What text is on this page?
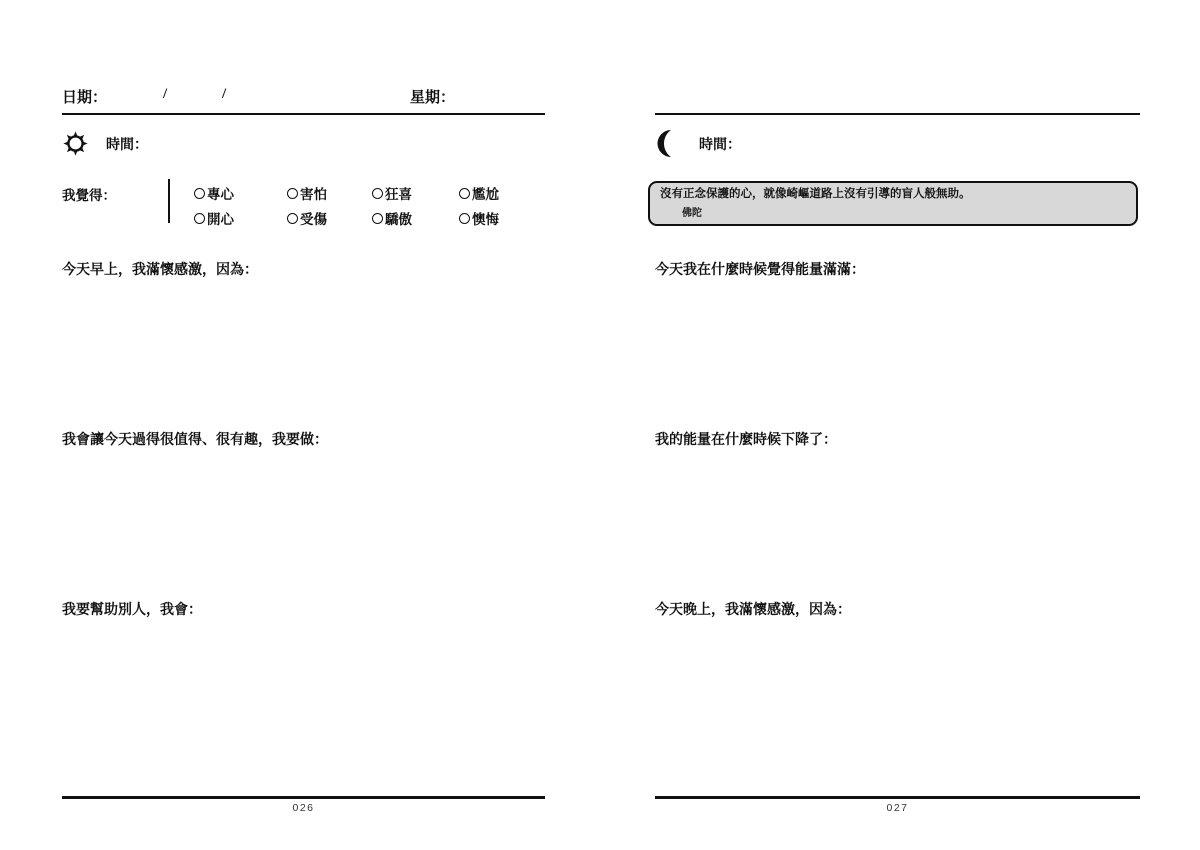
日期：	/	/	星期：
時間：
我覺得：	專心	害怕	狂喜	尷尬
開心	受傷	驕傲	懊悔
今天早上，我滿懷感激，因為：
我會讓今天過得很值得、很有趣，我要做：
我要幫助別人，我會：
026
時間：
沒有正念保護的心，就像崎嶇道路上沒有引導的盲人般無助。
佛陀
今天我在什麼時候覺得能量滿滿：
我的能量在什麼時候下降了：
今天晚上，我滿懷感激，因為：
027
